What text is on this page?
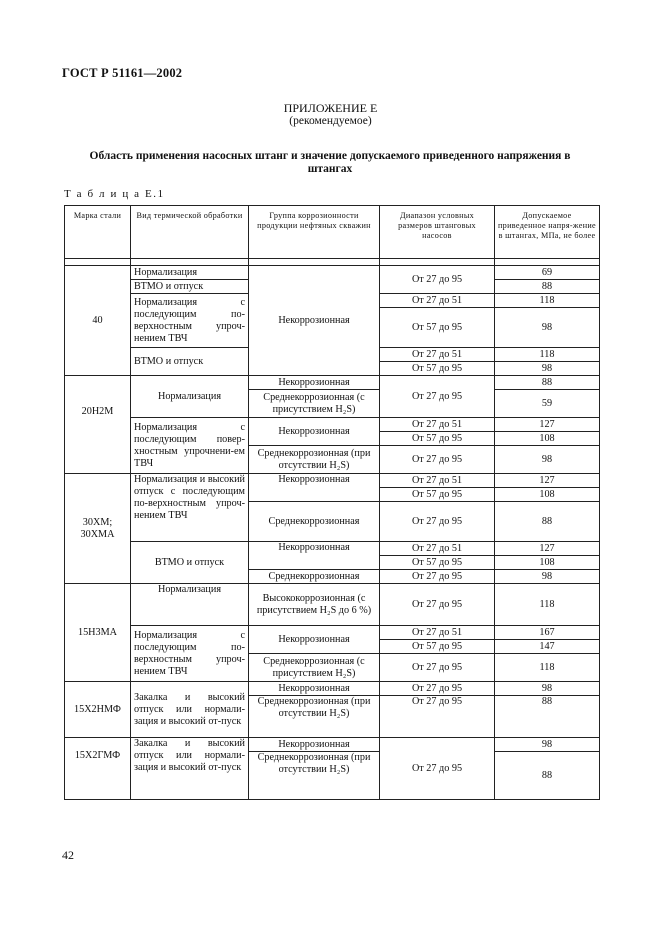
ГОСТ Р 51161—2002
ПРИЛОЖЕНИЕ Е
(рекомендуемое)
Область применения насосных штанг и значение допускаемого приведенного напряжения в штангах
Т а б л и ц а Е.1
Марка стали	Вид термической обработки	Группа коррозионности продукции нефтяных скважин	Диапазон условных размеров штанговых насосов	Допускаемое приведенное напря-жение в штангах, МПа, не более

40	Нормализация	Некоррозионная	От 27 до 95	69
	ВТМО и отпуск			88
	Нормализация с последующим по-верхностным упроч-нением ТВЧ		От 27 до 51	118
			От 57 до 95	98
	ВТМО и отпуск		От 27 до 51	118
			От 57 до 95	98
20Н2М	Нормализация	Некоррозионная	От 27 до 95	88
		Среднекоррозионная (с присутствием H₂S)		59
	Нормализация с последующим повер-хностным упрочнени-ем ТВЧ	Некоррозионная	От 27 до 51	127
			От 57 до 95	108
		Среднекоррозионная (при отсутствии H₂S)	От 27 до 95	98
30ХМ; 30ХМА	Нормализация и высокий отпуск с последующим по-верхностным упроч-нением ТВЧ	Некоррозионная	От 27 до 51	127
			От 57 до 95	108
		Среднекоррозионная	От 27 до 95	88
	ВТМО и отпуск	Некоррозионная	От 27 до 51	127
			От 57 до 95	108
		Среднекоррозионная	От 27 до 95	98
15Н3МА	Нормализация	Высококоррозионная (с присутствием H₂S до 6 %)	От 27 до 95	118
	Нормализация с последующим по-верхностным упроч-нением ТВЧ	Некоррозионная	От 27 до 51	167
			От 57 до 95	147
		Среднекоррозионная (с присутствием H₂S)	От 27 до 95	118
15Х2НМФ	Закалка и высокий отпуск или нормали-зация и высокий от-пуск	Некоррозионная	От 27 до 95	98
		Среднекоррозионная (при отсутствии H₂S)	От 27 до 95	88
15Х2ГМФ	Закалка и высокий отпуск или нормали-зация и высокий от-пуск	Некоррозионная	От 27 до 95	98
		Среднекоррозионная (при отсутствии H₂S)		88
42
